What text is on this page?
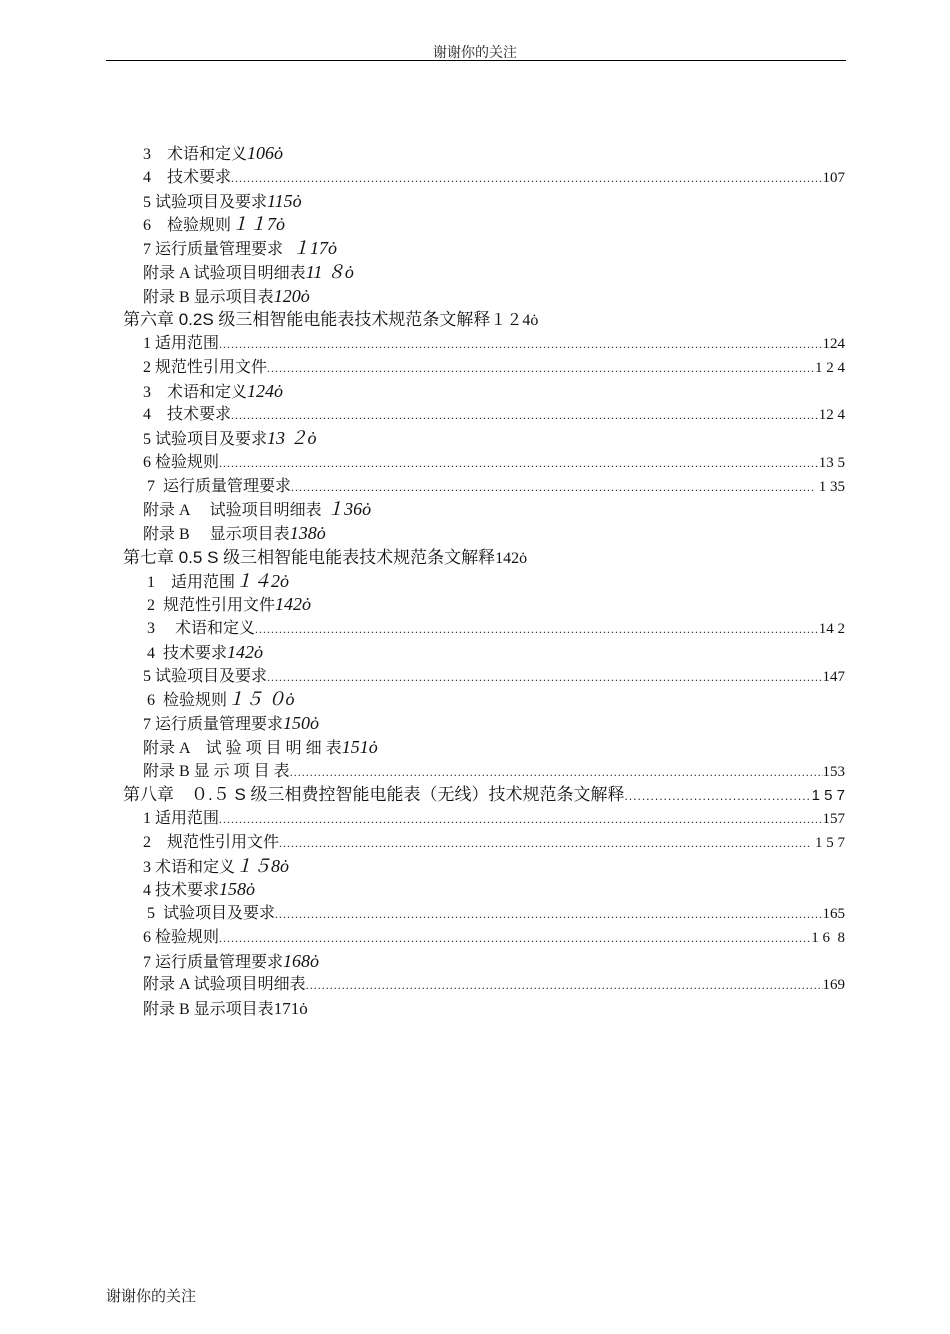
谢谢你的关注
3　术语和定义 106ȯ
4　技术要求 .....	107
5 试验项目及要求 115ȯ
6　检验规则 １１7ȯ
7 运行质量管理要求 １17ȯ
附录 A 试验项目明细表 11 ８ȯ
附录 B 显示项目表 120ȯ
第六章 0.2S 级三相智能电能表技术规范条文解释 １２4ȯ
1 适用范围 .....	124
2 规范性引用文件 .....	1 2 4
3　术语和定义 124ȯ
4　技术要求 .....	12 4
5 试验项目及要求 13 ２ȯ
6 检验规则 .....	13 5
7  运行质量管理要求 .....	1 35
附录 A　 试验项目明细表 １36ȯ
附录 B　 显示项目表 138ȯ
第七章 0.5 S 级三相智能电能表技术规范条文解释 142ȯ
1　适用范围 １４2ȯ
2  规范性引用文件 142ȯ
3　 术语和定义 .....	14 2
4  技术要求 142ȯ
5 试验项目及要求 .....	147
6  检验规则 １５ ０ȯ
7 运行质量管理要求 150ȯ
附录 A　试 验 项 目 明 细 表 151ȯ
附录 B 显 示 项 目 表 .....	153
第八章　０.５ S 级三相费控智能电能表（无线）技术规范条文解释 .....	1 5 7
1 适用范围 .....	157
2　规范性引用文件 .....	1 5 7
3 术语和定义 １５8ȯ
4 技术要求 158ȯ
5  试验项目及要求 .....	165
6 检验规则 .....	1 6  8
7 运行质量管理要求 168ȯ
附录 A 试验项目明细表 .....	169
附录 B 显示项目表 171ȯ
谢谢你的关注
